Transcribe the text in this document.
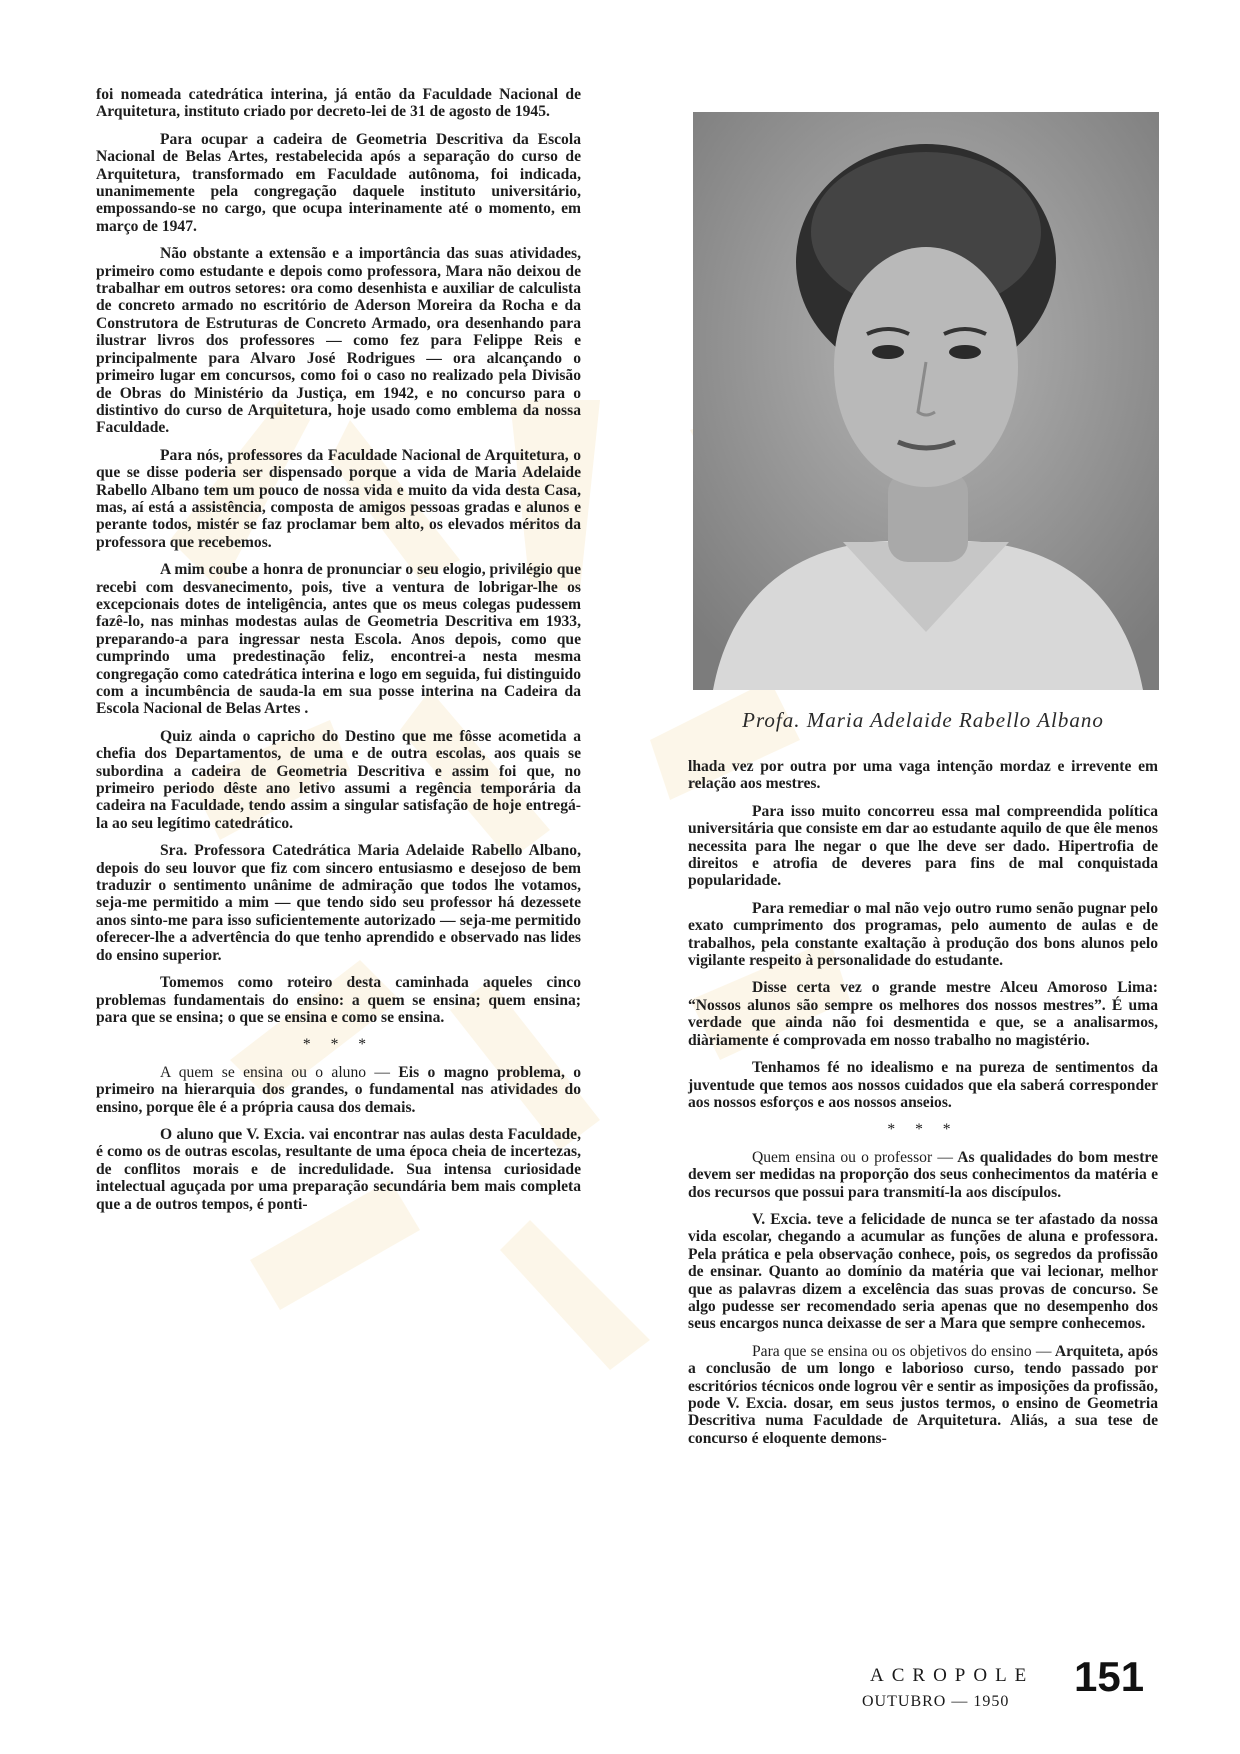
foi nomeada catedrática interina, já então da Faculdade Nacional de Arquitetura, instituto criado por decreto-lei de 31 de agosto de 1945.

Para ocupar a cadeira de Geometria Descritiva da Escola Nacional de Belas Artes, restabelecida após a separação do curso de Arquitetura, transformado em Faculdade autônoma, foi indicada, unanimemente pela congregação daquele instituto universitário, empossando-se no cargo, que ocupa interinamente até o momento, em março de 1947.

Não obstante a extensão e a importância das suas atividades, primeiro como estudante e depois como professora, Mara não deixou de trabalhar em outros setores: ora como desenhista e auxiliar de calculista de concreto armado no escritório de Aderson Moreira da Rocha e da Construtora de Estruturas de Concreto Armado, ora desenhando para ilustrar livros dos professores — como fez para Felippe Reis e principalmente para Alvaro José Rodrigues — ora alcançando o primeiro lugar em concursos, como foi o caso no realizado pela Divisão de Obras do Ministério da Justiça, em 1942, e no concurso para o distintivo do curso de Arquitetura, hoje usado como emblema da nossa Faculdade.

Para nós, professores da Faculdade Nacional de Arquitetura, o que se disse poderia ser dispensado porque a vida de Maria Adelaide Rabello Albano tem um pouco de nossa vida e muito da vida desta Casa, mas, aí está a assistência, composta de amigos pessoas gradas e alunos e perante todos, mistér se faz proclamar bem alto, os elevados méritos da professora que recebemos.

A mim coube a honra de pronunciar o seu elogio, privilégio que recebi com desvanecimento, pois, tive a ventura de lobrigar-lhe os excepcionais dotes de inteligência, antes que os meus colegas pudessem fazê-lo, nas minhas modestas aulas de Geometria Descritiva em 1933, preparando-a para ingressar nesta Escola. Anos depois, como que cumprindo uma predestinação feliz, encontrei-a nesta mesma congregação como catedrática interina e logo em seguida, fui distinguido com a incumbência de sauda-la em sua posse interina na Cadeira da Escola Nacional de Belas Artes .

Quiz ainda o capricho do Destino que me fôsse acometida a chefia dos Departamentos, de uma e de outra escolas, aos quais se subordina a cadeira de Geometria Descritiva e assim foi que, no primeiro periodo dêste ano letivo assumi a regência temporária da cadeira na Faculdade, tendo assim a singular satisfação de hoje entregá-la ao seu legítimo catedrático.

Sra. Professora Catedrática Maria Adelaide Rabello Albano, depois do seu louvor que fiz com sincero entusiasmo e desejoso de bem traduzir o sentimento unânime de admiração que todos lhe votamos, seja-me permitido a mim — que tendo sido seu professor há dezessete anos sinto-me para isso suficientemente autorizado — seja-me permitido oferecer-lhe a advertência do que tenho aprendido e observado nas lides do ensino superior.

Tomemos como roteiro desta caminhada aqueles cinco problemas fundamentais do ensino: a quem se ensina; quem ensina; para que se ensina; o que se ensina e como se ensina.

* * *

A quem se ensina ou o aluno — Eis o magno problema, o primeiro na hierarquia dos grandes, o fundamental nas atividades do ensino, porque êle é a própria causa dos demais.

O aluno que V. Excia. vai encontrar nas aulas desta Faculdade, é como os de outras escolas, resultante de uma época cheia de incertezas, de conflitos morais e de incredulidade. Sua intensa curiosidade intelectual aguçada por uma preparação secundária bem mais completa que a de outros tempos, é ponti-

Profa. Maria Adelaide Rabello Albano

lhada vez por outra por uma vaga intenção mordaz e irrevente em relação aos mestres.

Para isso muito concorreu essa mal compreendida política universitária que consiste em dar ao estudante aquilo de que êle menos necessita para lhe negar o que lhe deve ser dado. Hipertrofia de direitos e atrofia de deveres para fins de mal conquistada popularidade.

Para remediar o mal não vejo outro rumo senão pugnar pelo exato cumprimento dos programas, pelo aumento de aulas e de trabalhos, pela constante exaltação à produção dos bons alunos pelo vigilante respeito à personalidade do estudante.

Disse certa vez o grande mestre Alceu Amoroso Lima: “Nossos alunos são sempre os melhores dos nossos mestres”. É uma verdade que ainda não foi desmentida e que, se a analisarmos, diàriamente é comprovada em nosso trabalho no magistério.

Tenhamos fé no idealismo e na pureza de sentimentos da juventude que temos aos nossos cuidados que ela saberá corresponder aos nossos esforços e aos nossos anseios.

* * *

Quem ensina ou o professor — As qualidades do bom mestre devem ser medidas na proporção dos seus conhecimentos da matéria e dos recursos que possui para transmití-la aos discípulos.

V. Excia. teve a felicidade de nunca se ter afastado da nossa vida escolar, chegando a acumular as funções de aluna e professora. Pela prática e pela observação conhece, pois, os segredos da profissão de ensinar. Quanto ao domínio da matéria que vai lecionar, melhor que as palavras dizem a excelência das suas provas de concurso. Se algo pudesse ser recomendado seria apenas que no desempenho dos seus encargos nunca deixasse de ser a Mara que sempre conhecemos.

Para que se ensina ou os objetivos do ensino — Arquiteta, após a conclusão de um longo e laborioso curso, tendo passado por escritórios técnicos onde logrou vêr e sentir as imposições da profissão, pode V. Excia. dosar, em seus justos termos, o ensino de Geometria Descritiva numa Faculdade de Arquitetura. Aliás, a sua tese de concurso é eloquente demons-

ACROPOLE
OUTUBRO — 1950
151
